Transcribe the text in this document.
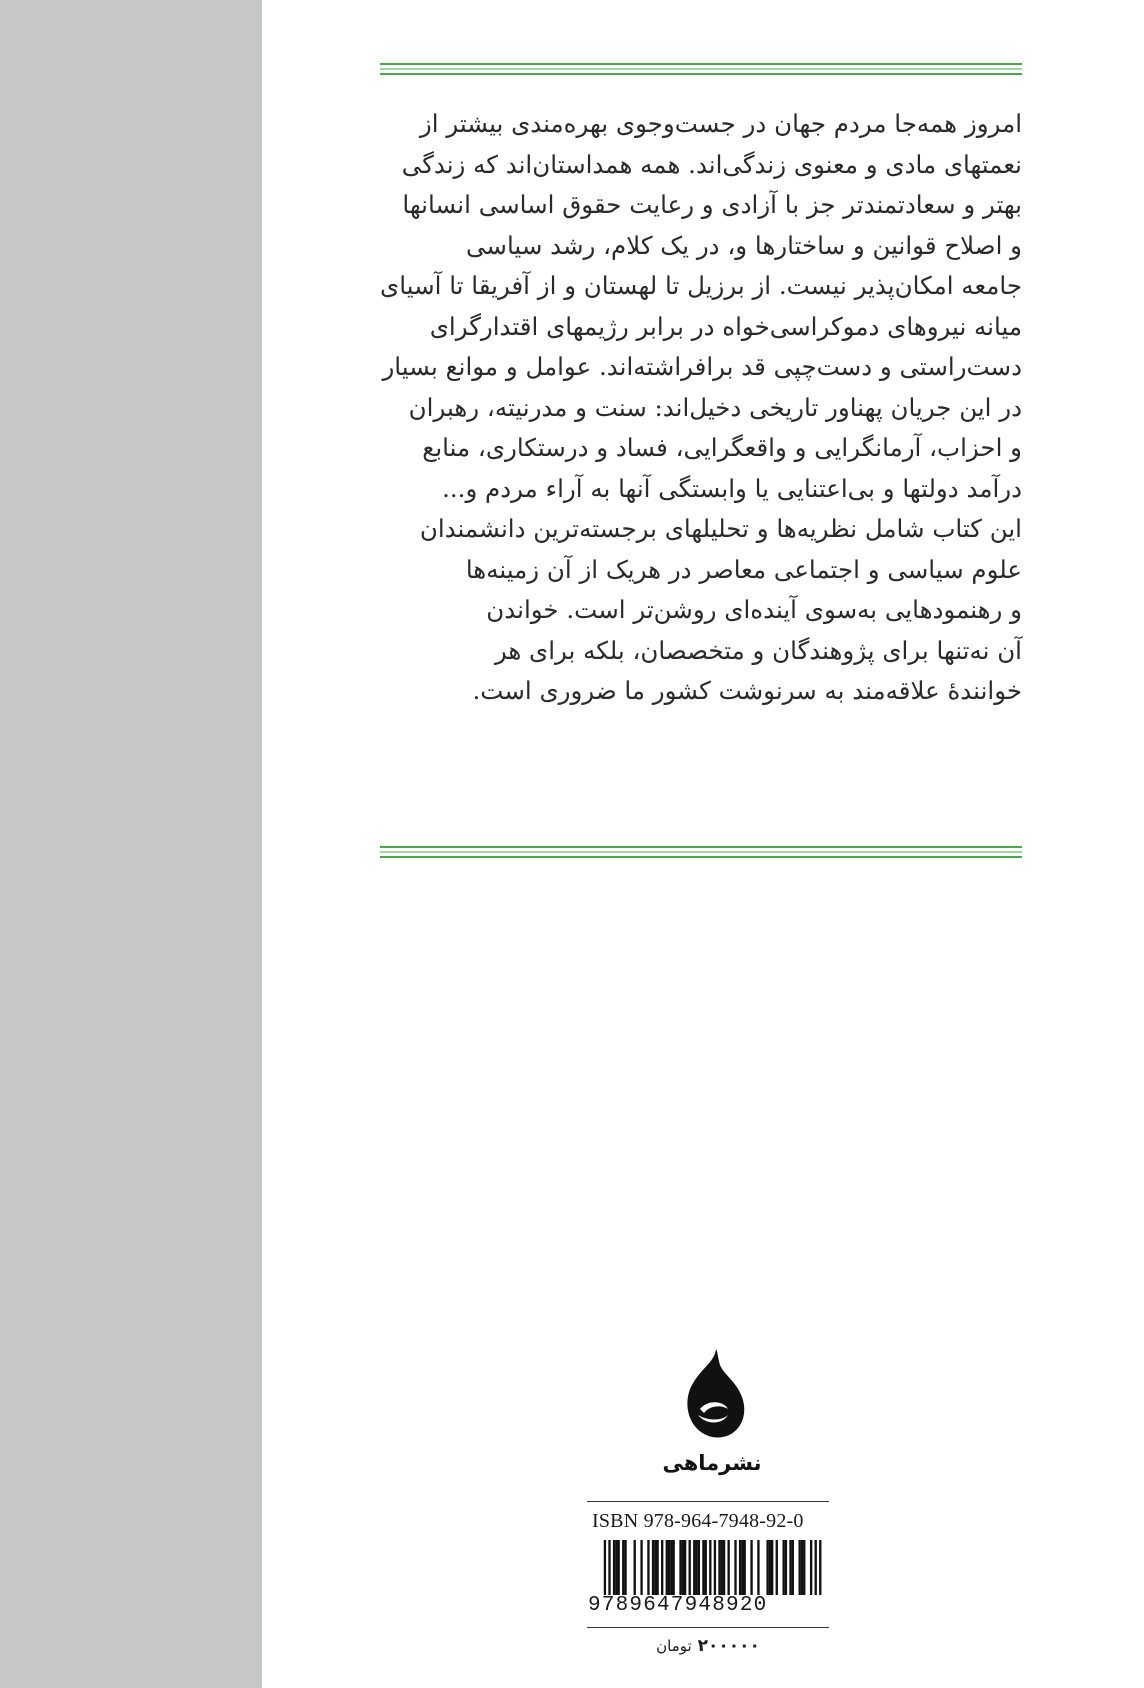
امروز همه‌جا مردم جهان در جست‌وجوی بهره‌مندی بیشتر از
نعمتهای مادی و معنوی زندگی‌اند. همه همداستان‌اند که زندگی
بهتر و سعادتمندتر جز با آزادی و رعایت حقوق اساسی انسانها
و اصلاح قوانین و ساختارها و، در یک کلام، رشد سیاسی
جامعه امکان‌پذیر نیست. از برزیل تا لهستان و از آفریقا تا آسیای
میانه نیروهای دموکراسی‌خواه در برابر رژیمهای اقتدارگرای
دست‌راستی و دست‌چپی قد برافراشته‌اند. عوامل و موانع بسیار
در این جریان پهناور تاریخی دخیل‌اند: سنت و مدرنیته، رهبران
و احزاب، آرمانگرایی و واقعگرایی، فساد و درستکاری، منابع
درآمد دولتها و بی‌اعتنایی یا وابستگی آنها به آراء مردم و...
این کتاب شامل نظریه‌ها و تحلیلهای برجسته‌ترین دانشمندان
علوم سیاسی و اجتماعی معاصر در هریک از آن زمینه‌ها
و رهنمودهایی به‌سوی آینده‌ای روشن‌تر است. خواندن
آن نه‌تنها برای پژوهندگان و متخصصان، بلکه برای هر
خوانندهٔ علاقه‌مند به سرنوشت کشور ما ضروری است.
نشرماهی
ISBN 978-964-7948-92-0
9789647948920
۲۰۰۰۰۰ تومان
